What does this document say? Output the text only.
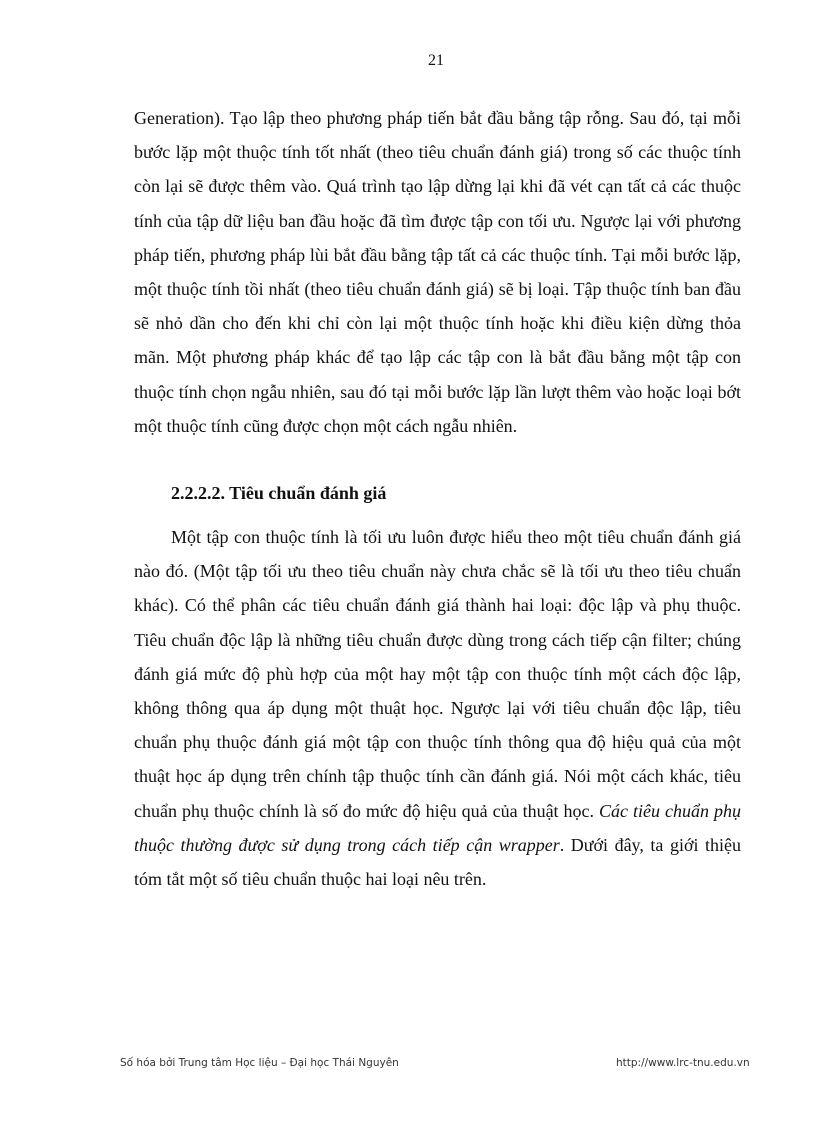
21

Generation). Tạo lập theo phương pháp tiến bắt đầu bằng tập rỗng. Sau đó, tại mỗi bước lặp một thuộc tính tốt nhất (theo tiêu chuẩn đánh giá) trong số các thuộc tính còn lại sẽ được thêm vào. Quá trình tạo lập dừng lại khi đã vét cạn tất cả các thuộc tính của tập dữ liệu ban đầu hoặc đã tìm được tập con tối ưu. Ngược lại với phương pháp tiến, phương pháp lùi bắt đầu bằng tập tất cả các thuộc tính. Tại mỗi bước lặp, một thuộc tính tồi nhất (theo tiêu chuẩn đánh giá) sẽ bị loại. Tập thuộc tính ban đầu sẽ nhỏ dần cho đến khi chỉ còn lại một thuộc tính hoặc khi điều kiện dừng thỏa mãn. Một phương pháp khác để tạo lập các tập con là bắt đầu bằng một tập con thuộc tính chọn ngẫu nhiên, sau đó tại mỗi bước lặp lần lượt thêm vào hoặc loại bớt một thuộc tính cũng được chọn một cách ngẫu nhiên.

2.2.2.2. Tiêu chuẩn đánh giá

Một tập con thuộc tính là tối ưu luôn được hiểu theo một tiêu chuẩn đánh giá nào đó. (Một tập tối ưu theo tiêu chuẩn này chưa chắc sẽ là tối ưu theo tiêu chuẩn khác). Có thể phân các tiêu chuẩn đánh giá thành hai loại: độc lập và phụ thuộc. Tiêu chuẩn độc lập là những tiêu chuẩn được dùng trong cách tiếp cận filter; chúng đánh giá mức độ phù hợp của một hay một tập con thuộc tính một cách độc lập, không thông qua áp dụng một thuật học. Ngược lại với tiêu chuẩn độc lập, tiêu chuẩn phụ thuộc đánh giá một tập con thuộc tính thông qua độ hiệu quả của một thuật học áp dụng trên chính tập thuộc tính cần đánh giá. Nói một cách khác, tiêu chuẩn phụ thuộc chính là số đo mức độ hiệu quả của thuật học. Các tiêu chuẩn phụ thuộc thường được sử dụng trong cách tiếp cận wrapper. Dưới đây, ta giới thiệu tóm tắt một số tiêu chuẩn thuộc hai loại nêu trên.

Số hóa bởi Trung tâm Học liệu – Đại học Thái Nguyên	http://www.lrc-tnu.edu.vn
